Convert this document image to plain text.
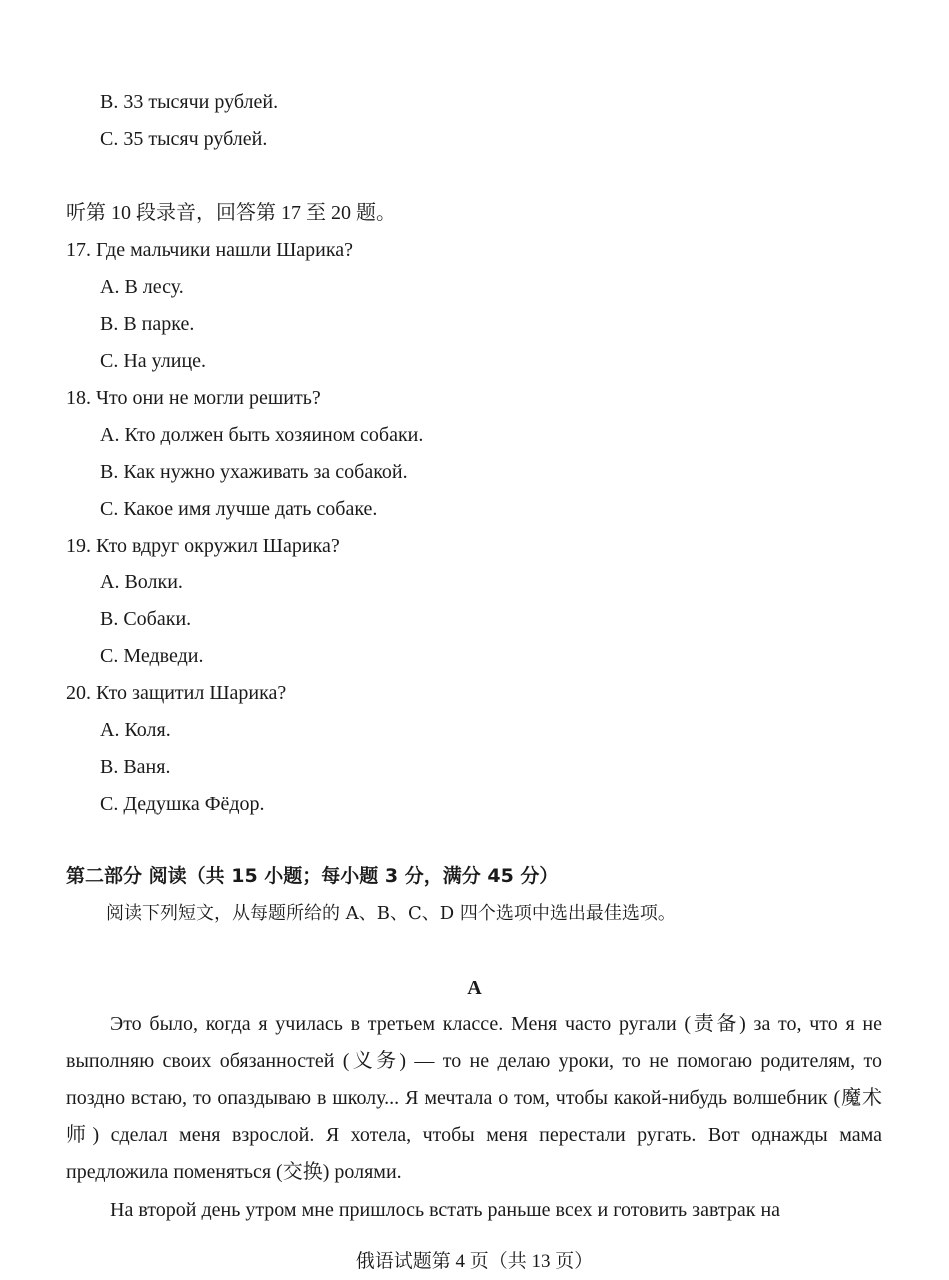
B. 33 тысячи рублей.
C. 35 тысяч рублей.
听第 10 段录音，回答第 17 至 20 题。
17. Где мальчики нашли Шарика?
A. В лесу.
B. В парке.
C. На улице.
18. Что они не могли решить?
A. Кто должен быть хозяином собаки.
B. Как нужно ухаживать за собакой.
C. Какое имя лучше дать собаке.
19. Кто вдруг окружил Шарика?
A. Волки.
B. Собаки.
C. Медведи.
20. Кто защитил Шарика?
A. Коля.
B. Ваня.
C. Дедушка Фёдор.
第二部分 阅读（共 15 小题；每小题 3 分，满分 45 分）
阅读下列短文，从每题所给的 A、B、C、D 四个选项中选出最佳选项。
A
Это было, когда я училась в третьем классе. Меня часто ругали (责备) за то, что я не выполняю своих обязанностей (义务) — то не делаю уроки, то не помогаю родителям, то поздно встаю, то опаздываю в школу... Я мечтала о том, чтобы какой-нибудь волшебник (魔术师) сделал меня взрослой. Я хотела, чтобы меня перестали ругать. Вот однажды мама предложила поменяться (交换) ролями.
На второй день утром мне пришлось встать раньше всех и готовить завтрак на
俄语试题第 4 页（共 13 页）
